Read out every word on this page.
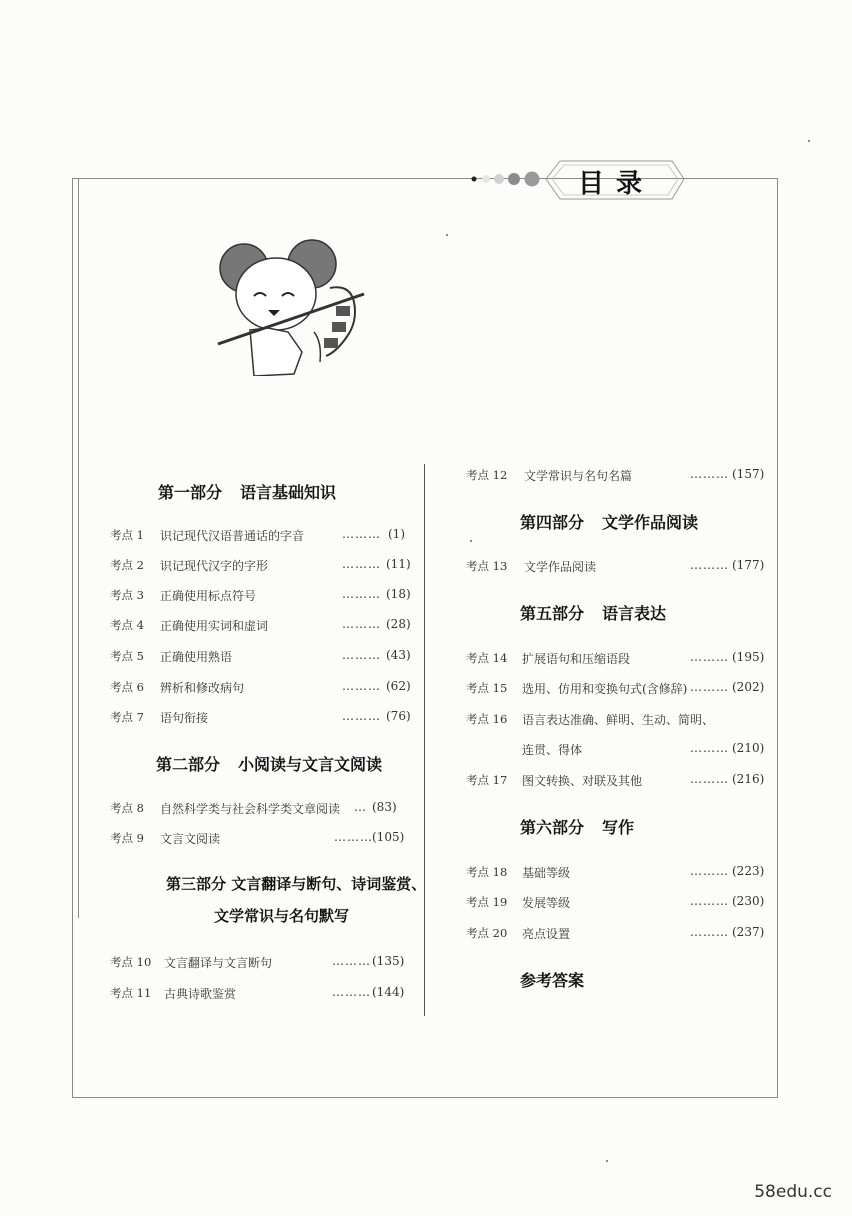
目录
第一部分 语言基础知识
考点 1 识记现代汉语普通话的字音	……… (1)
考点 2 识记现代汉字的字形	……… (11)
考点 3 正确使用标点符号	……… (18)
考点 4 正确使用实词和虚词	……… (28)
考点 5 正确使用熟语	……… (43)
考点 6 辨析和修改病句	……… (62)
考点 7 语句衔接	……… (76)
第二部分 小阅读与文言文阅读
考点 8 自然科学类与社会科学类文章阅读 … (83)
考点 9 文言文阅读	……… (105)
第三部分 文言翻译与断句、诗词鉴赏、
文学常识与名句默写
考点 10 文言翻译与文言断句	……… (135)
考点 11 古典诗歌鉴赏	……… (144)
考点 12 文学常识与名句名篇	……… (157)
第四部分 文学作品阅读
考点 13 文学作品阅读	……… (177)
第五部分 语言表达
考点 14 扩展语句和压缩语段	……… (195)
考点 15 选用、仿用和变换句式(含修辞) ……… (202)
考点 16 语言表达准确、鲜明、生动、简明、
连贯、得体	……… (210)
考点 17 图文转换、对联及其他	……… (216)
第六部分 写作
考点 18 基础等级	……… (223)
考点 19 发展等级	……… (230)
考点 20 亮点设置	……… (237)
参考答案
58edu.cc
